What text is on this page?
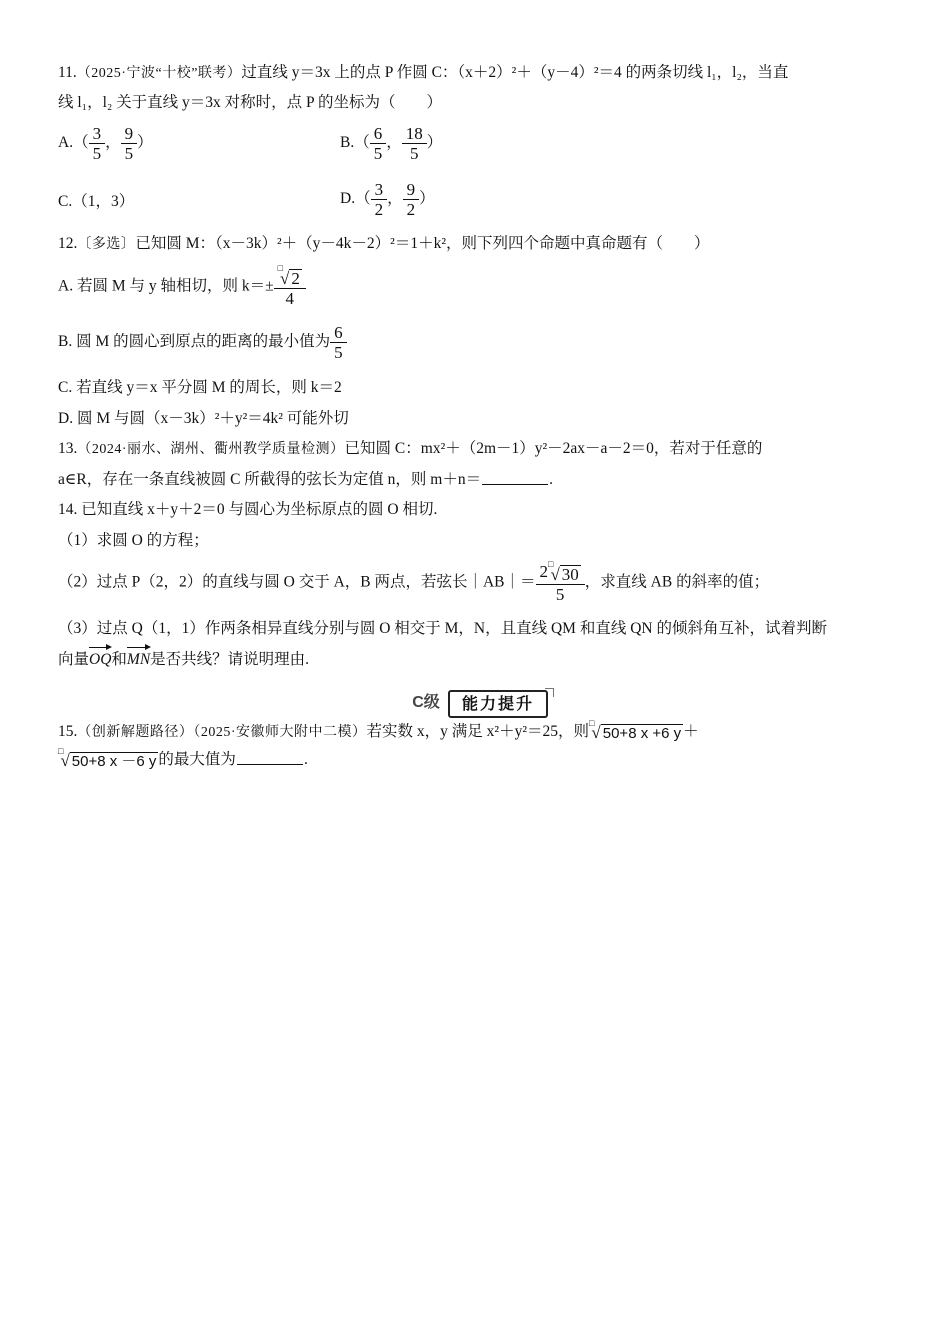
11.（2025·宁波“十校”联考）过直线 y＝3x 上的点 P 作圆 C：（x＋2）²＋（y－4）²＝4 的两条切线 l₁，l₂，当直
线 l₁，l₂ 关于直线 y＝3x 对称时，点 P 的坐标为（　　）
$A.( \frac{3}{5}$ ， $\frac{9}{5}$ ）	$B.( \frac{6}{5}$ ， $\frac{18}{5}$ ）
C.（1，3）	$D.( \frac{3}{2}$ ， $\frac{9}{2}$ ）
12.〔多选〕已知圆 M：（x－3k）²＋（y－4k－2）²＝1＋k²，则下列四个命题中真命题有（　　）
A. 若圆 M 与 y 轴相切，则 k＝± □
√ 2
4
B. 圆 M 的圆心到原点的距离的最小值为 $\frac{6}{5}$
C. 若直线 y＝x 平分圆 M 的周长，则 k＝2
D. 圆 M 与圆（x－3k）²＋y²＝4k² 可能外切
13.（2024·丽水、湖州、衢州教学质量检测）已知圆 C：mx²＋（2m－1）y²－2ax－a－2＝0，若对于任意的
a∈R，存在一条直线被圆 C 所截得的弦长为定值 n，则 m＋n＝	.
14. 已知直线 x＋y＋2＝0 与圆心为坐标原点的圆 O 相切.
（1）求圆 O 的方程；
（2）过点 P（2，2）的直线与圆 O 交于 A，B 两点，若弦长｜AB｜＝ 2 □
√ 30
5 ，求直线 AB 的斜率的值；
（3）过点 Q（1，1）作两条相异直线分别与圆 O 相交于 M，N，且直线 QM 和直线 QN 的倾斜角互补，试着判断
向量OQ和MN是否共线？请说明理由.
C级	能力提升
15.（创新解题路径）（2025·安徽师大附中二模）若实数 x，y 满足 x²＋y²＝25，则 □
√ 50+8 x +6 y ＋
□
√ 50+8 x －6 y 的最大值为	.
